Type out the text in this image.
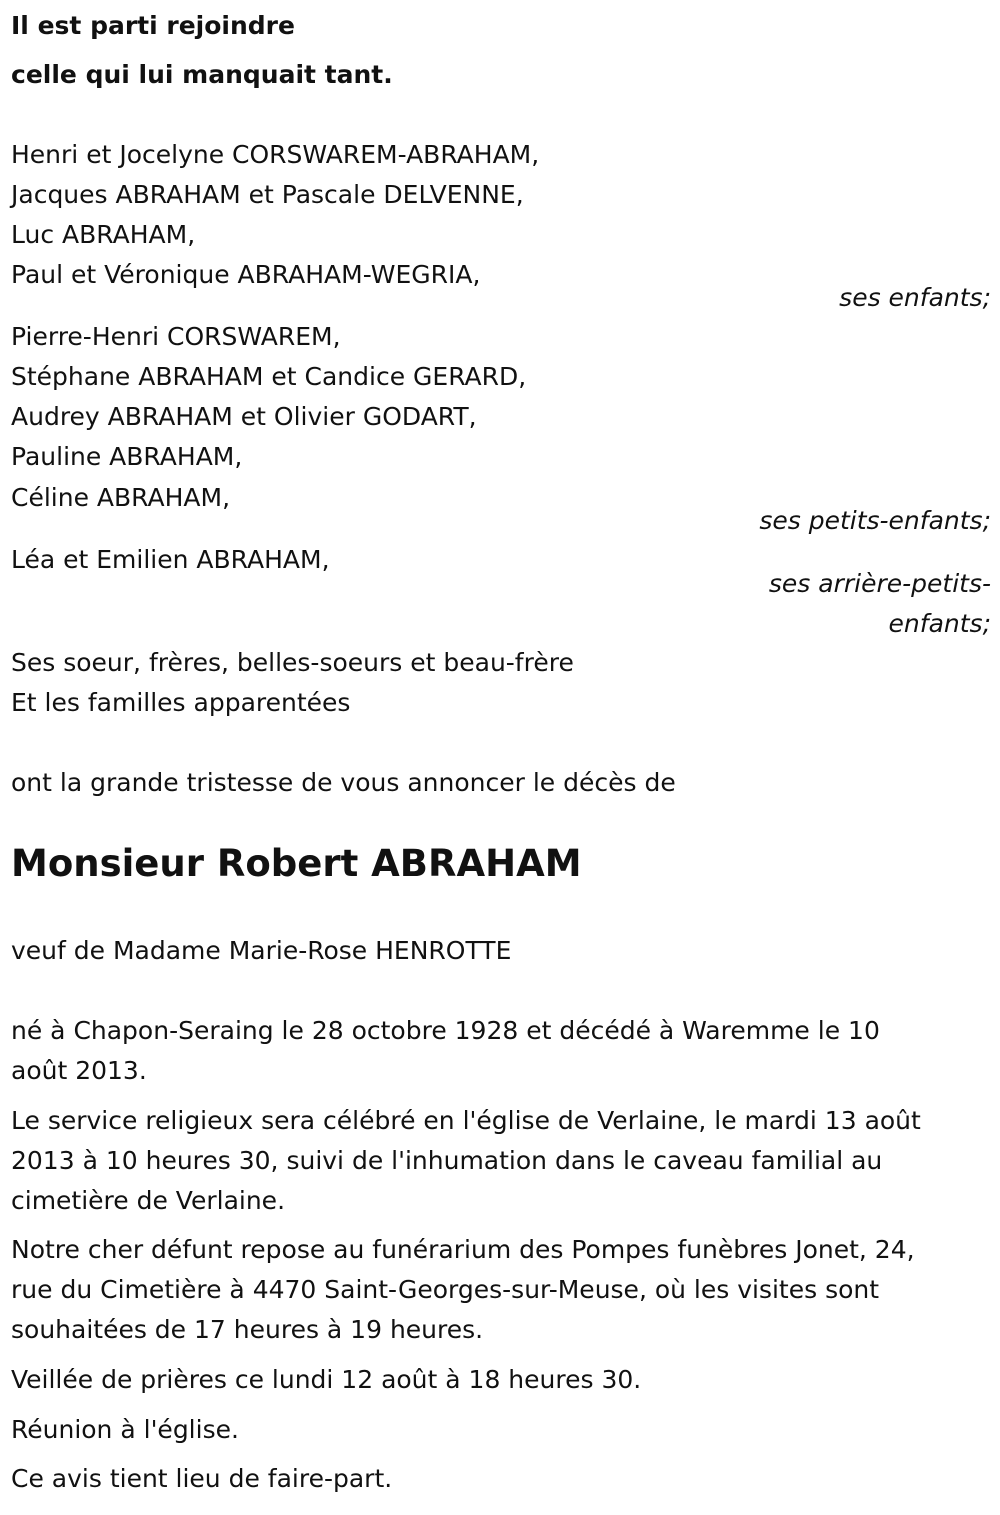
Il est parti rejoindre
celle qui lui manquait tant.
Henri et Jocelyne CORSWAREM-ABRAHAM,
Jacques ABRAHAM et Pascale DELVENNE,
Luc ABRAHAM,
Paul et Véronique ABRAHAM-WEGRIA,
ses enfants;
Pierre-Henri CORSWAREM,
Stéphane ABRAHAM et Candice GERARD,
Audrey ABRAHAM et Olivier GODART,
Pauline ABRAHAM,
Céline ABRAHAM,
ses petits-enfants;
Léa et Emilien ABRAHAM,
ses arrière-petits-
enfants;
Ses soeur, frères, belles-soeurs et beau-frère
Et les familles apparentées
ont la grande tristesse de vous annoncer le décès de
Monsieur Robert ABRAHAM
veuf de Madame Marie-Rose HENROTTE
né à Chapon-Seraing le 28 octobre 1928 et décédé à Waremme le 10
août 2013.
Le service religieux sera célébré en l'église de Verlaine, le mardi 13 août
2013 à 10 heures 30, suivi de l'inhumation dans le caveau familial au
cimetière de Verlaine.
Notre cher défunt repose au funérarium des Pompes funèbres Jonet, 24,
rue du Cimetière à 4470 Saint-Georges-sur-Meuse, où les visites sont
souhaitées de 17 heures à 19 heures.
Veillée de prières ce lundi 12 août à 18 heures 30.
Réunion à l'église.
Ce avis tient lieu de faire-part.
